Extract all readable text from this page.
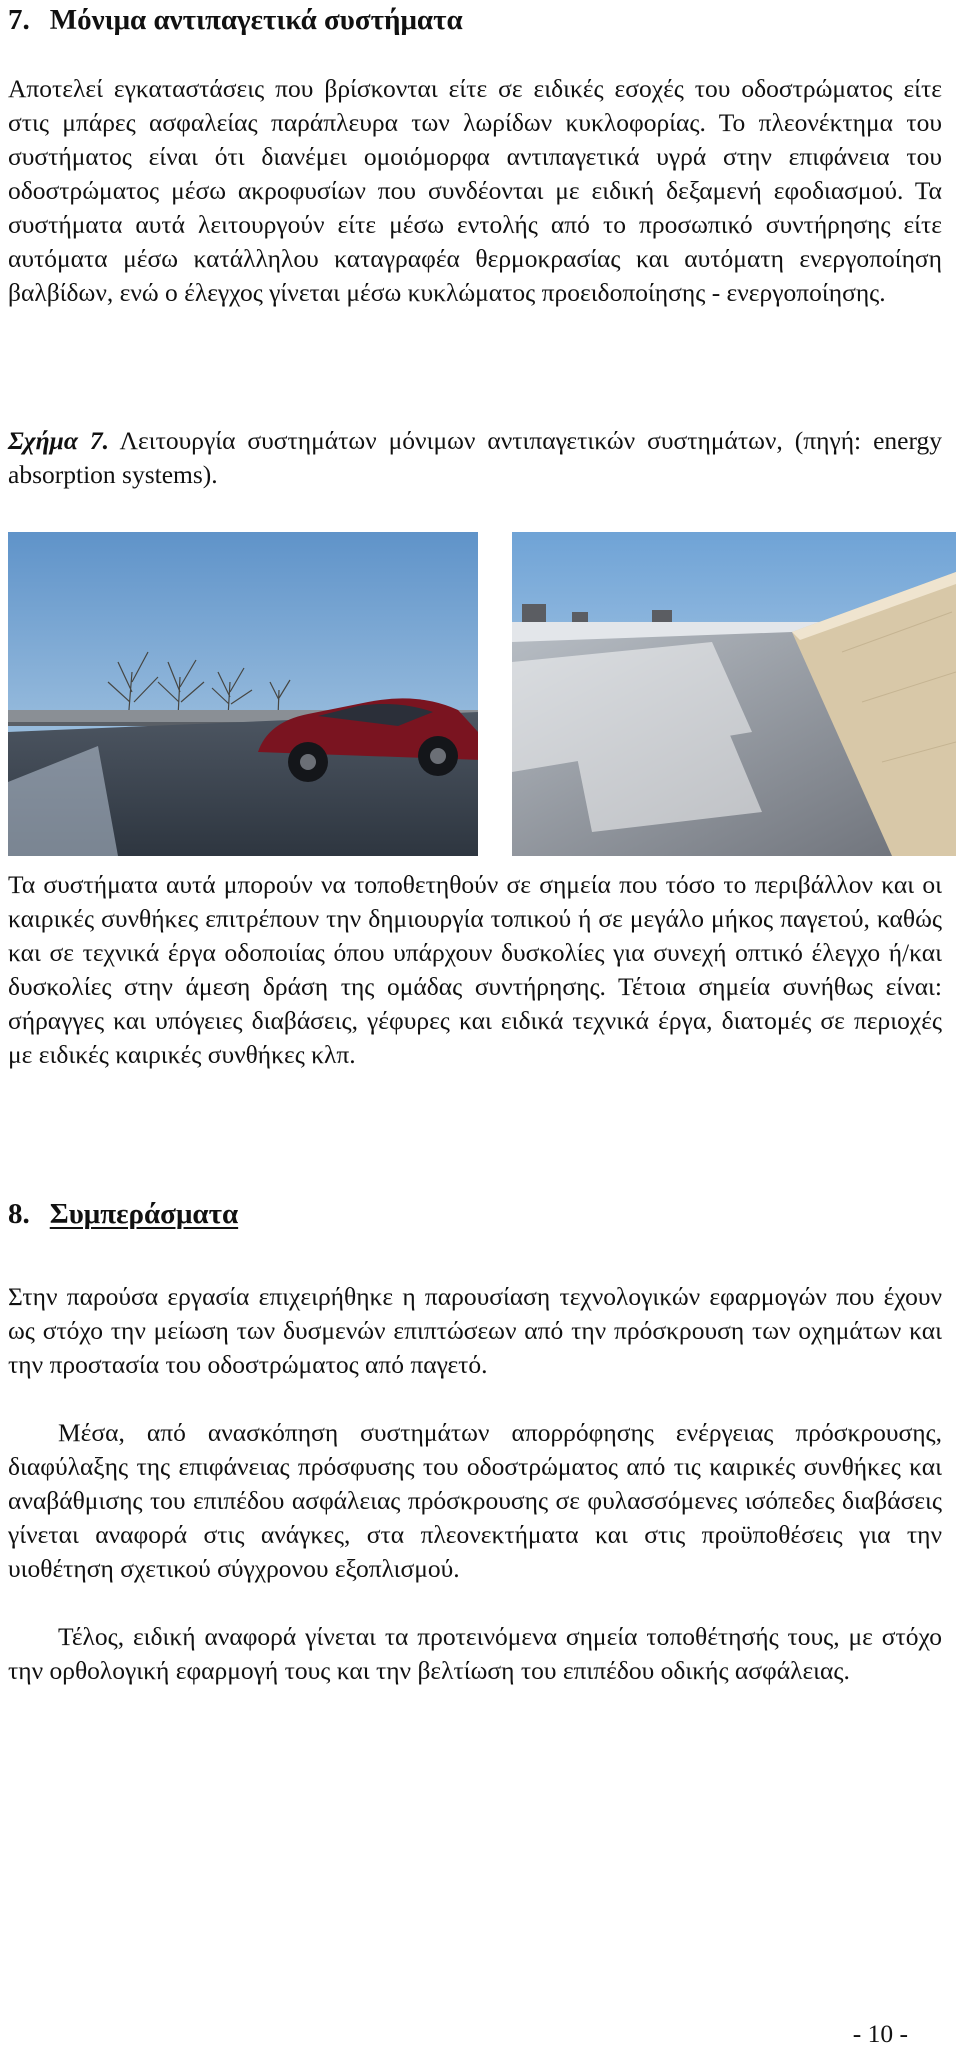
7. Μόνιμα αντιπαγετικά συστήματα

Αποτελεί εγκαταστάσεις που βρίσκονται είτε σε ειδικές εσοχές του οδοστρώματος είτε στις μπάρες ασφαλείας παράπλευρα των λωρίδων κυκλοφορίας. Το πλεονέκτημα του συστήματος είναι ότι διανέμει ομοιόμορφα αντιπαγετικά υγρά στην επιφάνεια του οδοστρώματος μέσω ακροφυσίων που συνδέονται με ειδική δεξαμενή εφοδιασμού. Τα συστήματα αυτά λειτουργούν είτε μέσω εντολής από το προσωπικό συντήρησης είτε αυτόματα μέσω κατάλληλου καταγραφέα θερμοκρασίας και αυτόματη ενεργοποίηση βαλβίδων, ενώ ο έλεγχος γίνεται μέσω κυκλώματος προειδοποίησης - ενεργοποίησης.

Σχήμα 7. Λειτουργία συστημάτων μόνιμων αντιπαγετικών συστημάτων, (πηγή: energy absorption systems).

Τα συστήματα αυτά μπορούν να τοποθετηθούν σε σημεία που τόσο το περιβάλλον και οι καιρικές συνθήκες επιτρέπουν την δημιουργία τοπικού ή σε μεγάλο μήκος παγετού, καθώς και σε τεχνικά έργα οδοποιίας όπου υπάρχουν δυσκολίες για συνεχή οπτικό έλεγχο ή/και δυσκολίες στην άμεση δράση της ομάδας συντήρησης. Τέτοια σημεία συνήθως είναι: σήραγγες και υπόγειες διαβάσεις, γέφυρες και ειδικά τεχνικά έργα, διατομές σε περιοχές με ειδικές καιρικές συνθήκες κλπ.

8. Συμπεράσματα

Στην παρούσα εργασία επιχειρήθηκε η παρουσίαση τεχνολογικών εφαρμογών που έχουν ως στόχο την μείωση των δυσμενών επιπτώσεων από την πρόσκρουση των οχημάτων και την προστασία του οδοστρώματος από παγετό.

Μέσα, από ανασκόπηση συστημάτων απορρόφησης ενέργειας πρόσκρουσης, διαφύλαξης της επιφάνειας πρόσφυσης του οδοστρώματος από τις καιρικές συνθήκες και αναβάθμισης του επιπέδου ασφάλειας πρόσκρουσης σε φυλασσόμενες ισόπεδες διαβάσεις γίνεται αναφορά στις ανάγκες, στα πλεονεκτήματα και στις προϋποθέσεις για την υιοθέτηση σχετικού σύγχρονου εξοπλισμού.

Τέλος, ειδική αναφορά γίνεται τα προτεινόμενα σημεία τοποθέτησής τους, με στόχο την ορθολογική εφαρμογή τους και την βελτίωση του επιπέδου οδικής ασφάλειας.

- 10 -
